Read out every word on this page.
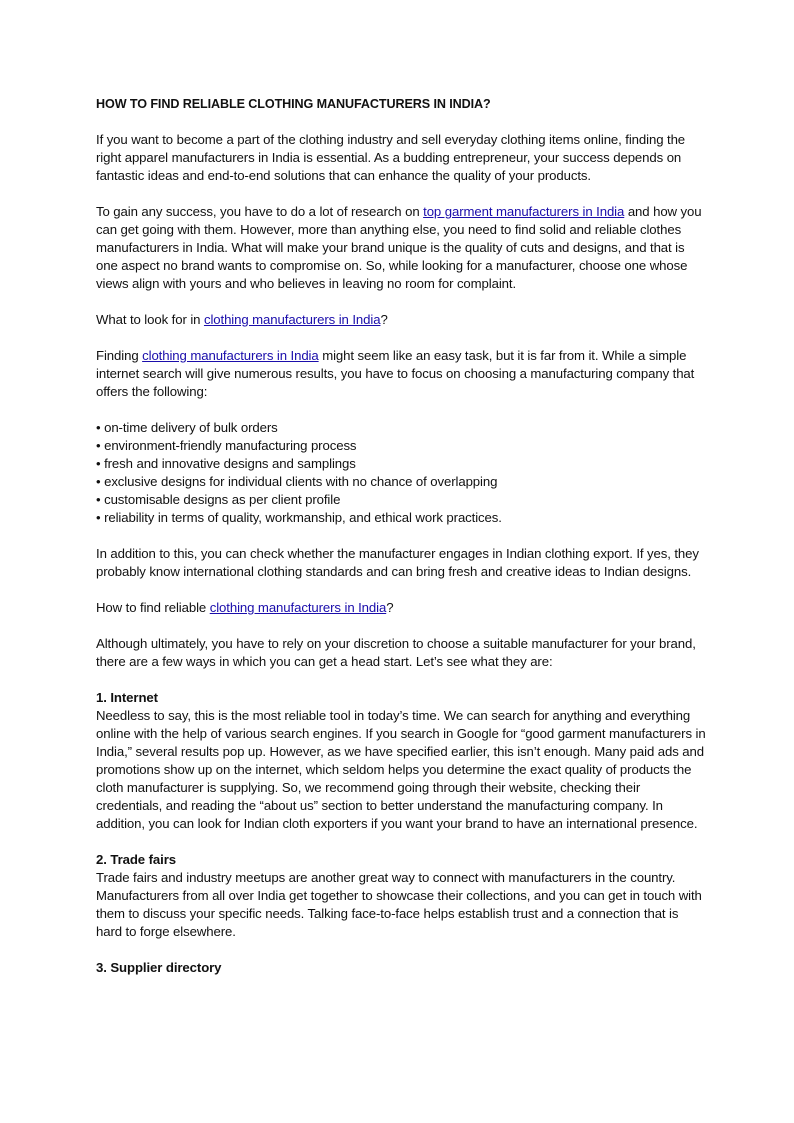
HOW TO FIND RELIABLE CLOTHING MANUFACTURERS IN INDIA?

If you want to become a part of the clothing industry and sell everyday clothing items online, finding the right apparel manufacturers in India is essential. As a budding entrepreneur, your success depends on fantastic ideas and end-to-end solutions that can enhance the quality of your products.

To gain any success, you have to do a lot of research on top garment manufacturers in India and how you can get going with them. However, more than anything else, you need to find solid and reliable clothes manufacturers in India. What will make your brand unique is the quality of cuts and designs, and that is one aspect no brand wants to compromise on. So, while looking for a manufacturer, choose one whose views align with yours and who believes in leaving no room for complaint.

What to look for in clothing manufacturers in India?

Finding clothing manufacturers in India might seem like an easy task, but it is far from it. While a simple internet search will give numerous results, you have to focus on choosing a manufacturing company that offers the following:

• on-time delivery of bulk orders
• environment-friendly manufacturing process
• fresh and innovative designs and samplings
• exclusive designs for individual clients with no chance of overlapping
• customisable designs as per client profile
• reliability in terms of quality, workmanship, and ethical work practices.

In addition to this, you can check whether the manufacturer engages in Indian clothing export. If yes, they probably know international clothing standards and can bring fresh and creative ideas to Indian designs.

How to find reliable clothing manufacturers in India?

Although ultimately, you have to rely on your discretion to choose a suitable manufacturer for your brand, there are a few ways in which you can get a head start. Let’s see what they are:

1. Internet

Needless to say, this is the most reliable tool in today’s time. We can search for anything and everything online with the help of various search engines. If you search in Google for “good garment manufacturers in India,” several results pop up. However, as we have specified earlier, this isn’t enough. Many paid ads and promotions show up on the internet, which seldom helps you determine the exact quality of products the cloth manufacturer is supplying. So, we recommend going through their website, checking their credentials, and reading the “about us” section to better understand the manufacturing company. In addition, you can look for Indian cloth exporters if you want your brand to have an international presence.

2. Trade fairs

Trade fairs and industry meetups are another great way to connect with manufacturers in the country. Manufacturers from all over India get together to showcase their collections, and you can get in touch with them to discuss your specific needs. Talking face-to-face helps establish trust and a connection that is hard to forge elsewhere.

3. Supplier directory
